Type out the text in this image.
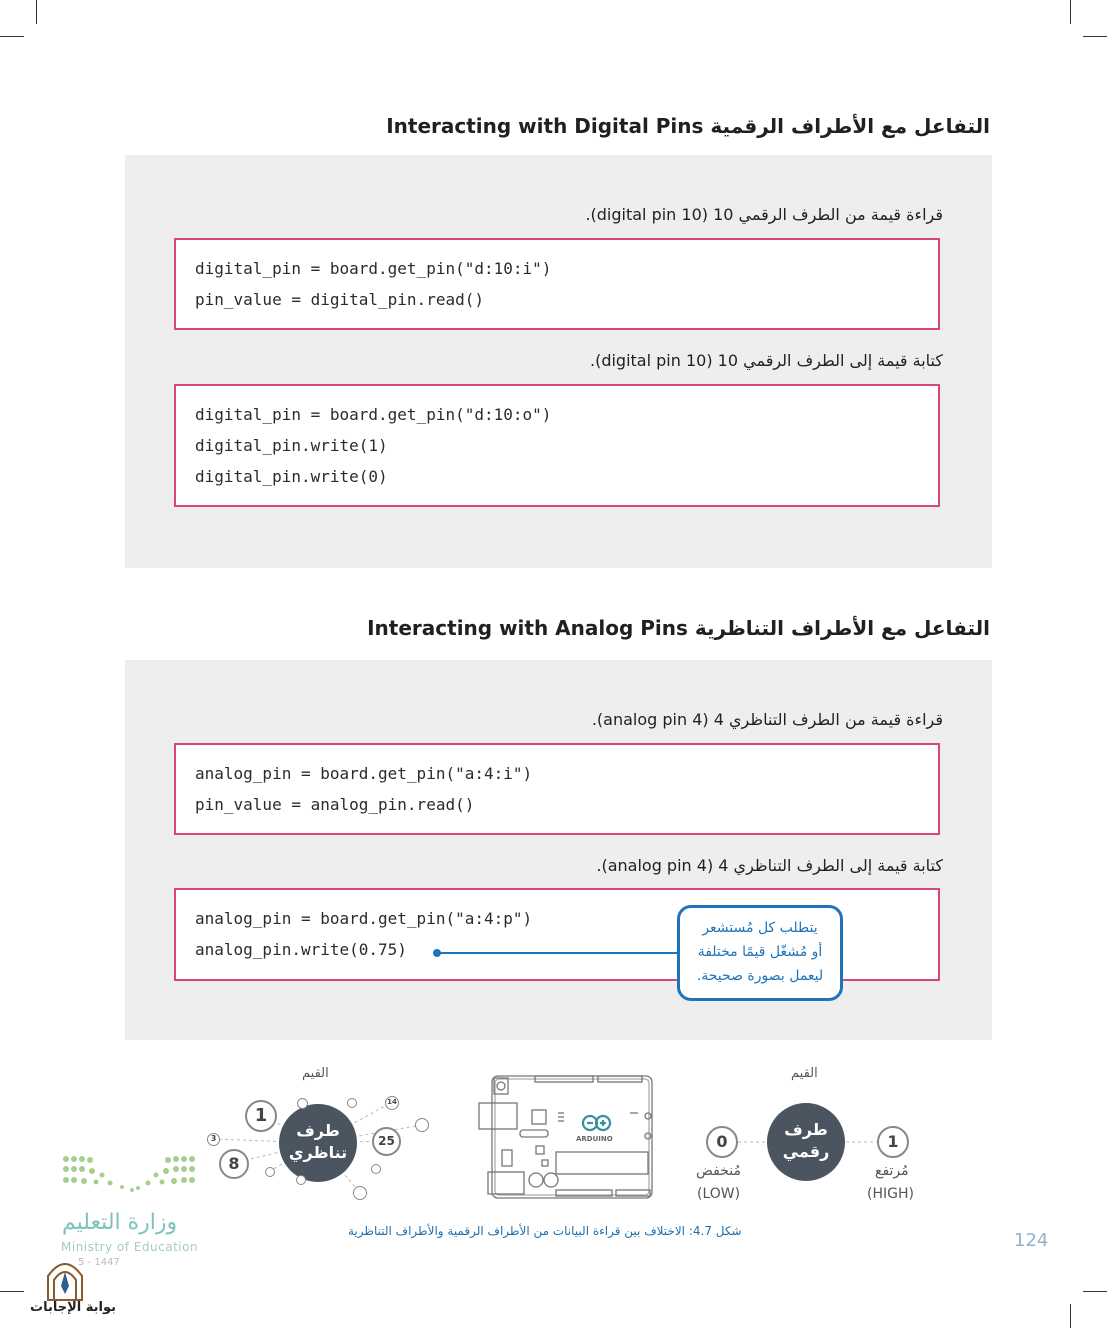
التفاعل مع الأطراف الرقمية Interacting with Digital Pins
قراءة قيمة من الطرف الرقمي 10 (digital pin 10).
digital_pin = board.get_pin("d:10:i")
pin_value = digital_pin.read()
كتابة قيمة إلى الطرف الرقمي 10 (digital pin 10).
digital_pin = board.get_pin("d:10:o")
digital_pin.write(1)
digital_pin.write(0)
التفاعل مع الأطراف التناظرية Interacting with Analog Pins
قراءة قيمة من الطرف التناظري 4 (analog pin 4).
analog_pin = board.get_pin("a:4:i")
pin_value = analog_pin.read()
كتابة قيمة إلى الطرف التناظري 4 (analog pin 4).
analog_pin = board.get_pin("a:4:p")
analog_pin.write(0.75)
يتطلب كل مُستشعر
أو مُشغّل قيمًا مختلفة
ليعمل بصورة صحيحة.
القيم
طرف
تناظري
1
8
25
3
14
ARDUINO
القيم
طرف
رقمي
0	1
مُنخفض
(LOW)
مُرتفع
(HIGH)
شكل 4.7: الاختلاف بين قراءة البيانات من الأطراف الرقمية والأطراف التناظرية
وزارة التعليم
Ministry of Education
5 - 1447
بوابة الإجابات
124
